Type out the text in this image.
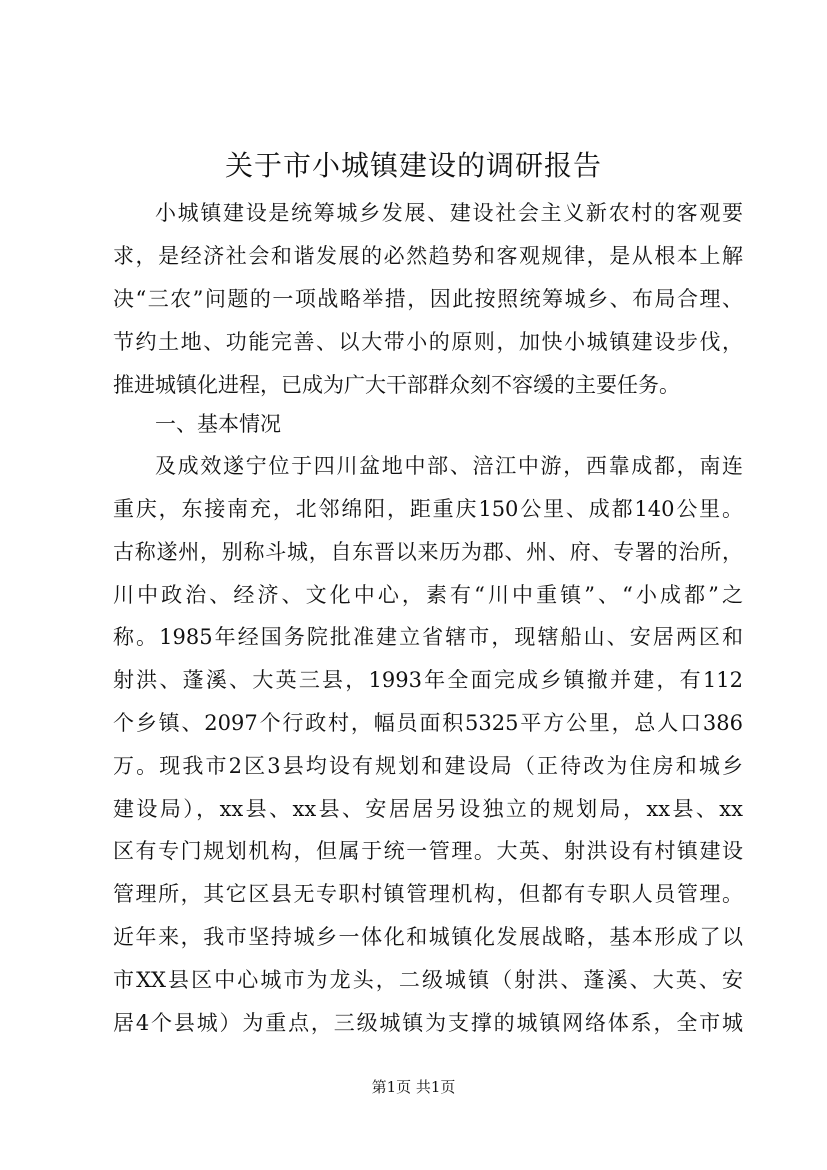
关于市小城镇建设的调研报告

小城镇建设是统筹城乡发展、建设社会主义新农村的客观要

求，是经济社会和谐发展的必然趋势和客观规律，是从根本上解

决“三农”问题的一项战略举措，因此按照统筹城乡、布局合理、

节约土地、功能完善、以大带小的原则，加快小城镇建设步伐，

推进城镇化进程，已成为广大干部群众刻不容缓的主要任务。

一、基本情况

及成效遂宁位于四川盆地中部、涪江中游，西靠成都，南连

重庆，东接南充，北邻绵阳，距重庆150公里、成都140公里。

古称遂州，别称斗城，自东晋以来历为郡、州、府、专署的治所，

川中政治、经济、文化中心，素有“川中重镇”、“小成都”之

称。1985年经国务院批准建立省辖市，现辖船山、安居两区和

射洪、蓬溪、大英三县，1993年全面完成乡镇撤并建，有112

个乡镇、2097个行政村，幅员面积5325平方公里，总人口386

万。现我市2区3县均设有规划和建设局（正待改为住房和城乡

建设局），xx县、xx县、安居居另设独立的规划局，xx县、xx

区有专门规划机构，但属于统一管理。大英、射洪设有村镇建设

管理所，其它区县无专职村镇管理机构，但都有专职人员管理。

近年来，我市坚持城乡一体化和城镇化发展战略，基本形成了以

市XX县区中心城市为龙头，二级城镇（射洪、蓬溪、大英、安

居4个县城）为重点，三级城镇为支撑的城镇网络体系，全市城

第1页 共1页
